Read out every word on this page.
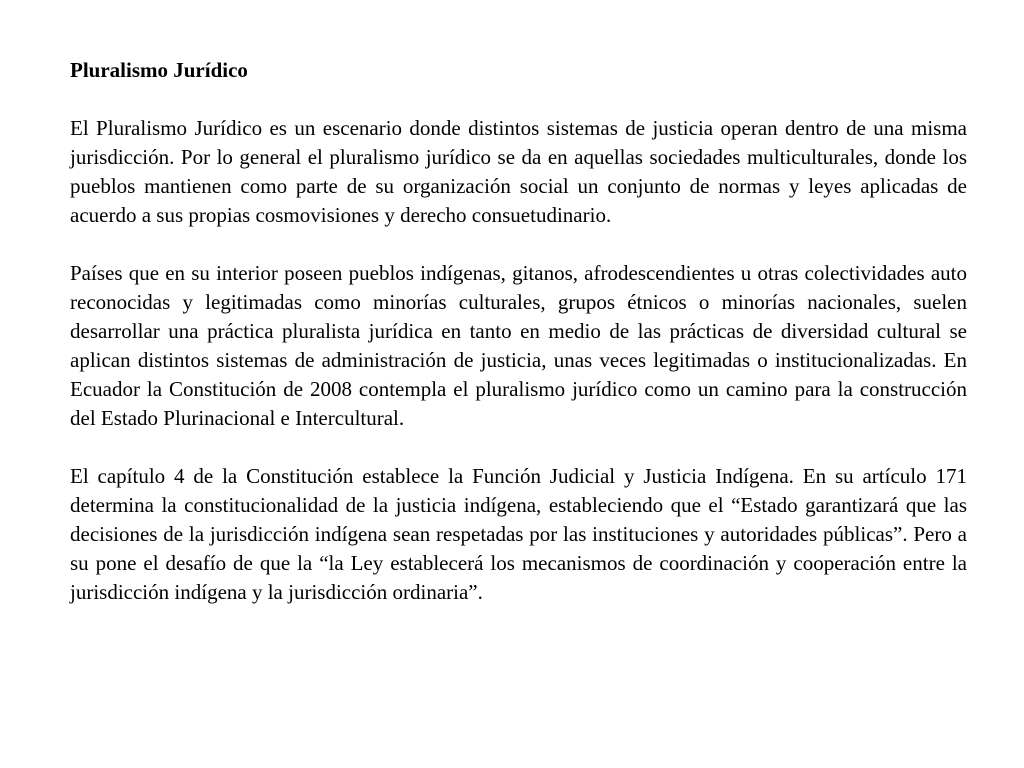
Pluralismo Jurídico

El Pluralismo Jurídico es un escenario donde distintos sistemas de justicia operan dentro de una misma jurisdicción. Por lo general el pluralismo jurídico se da en aquellas sociedades multiculturales, donde los pueblos mantienen como parte de su organización social un conjunto de normas y leyes aplicadas de acuerdo a sus propias cosmovisiones y derecho consuetudinario.

Países que en su interior poseen pueblos indígenas, gitanos, afrodescendientes u otras colectividades auto reconocidas y legitimadas como minorías culturales, grupos étnicos o minorías nacionales, suelen desarrollar una práctica pluralista jurídica en tanto en medio de las prácticas de diversidad cultural se aplican distintos sistemas de administración de justicia, unas veces legitimadas o institucionalizadas. En Ecuador la Constitución de 2008 contempla el pluralismo jurídico como un camino para la construcción del Estado Plurinacional e Intercultural.

El capítulo 4 de la Constitución establece la Función Judicial y Justicia Indígena. En su artículo 171 determina la constitucionalidad de la justicia indígena, estableciendo que el “Estado garantizará que las decisiones de la jurisdicción indígena sean respetadas por las instituciones y autoridades públicas”. Pero a su pone el desafío de que la “la Ley establecerá los mecanismos de coordinación y cooperación entre la jurisdicción indígena y la jurisdicción ordinaria”.
